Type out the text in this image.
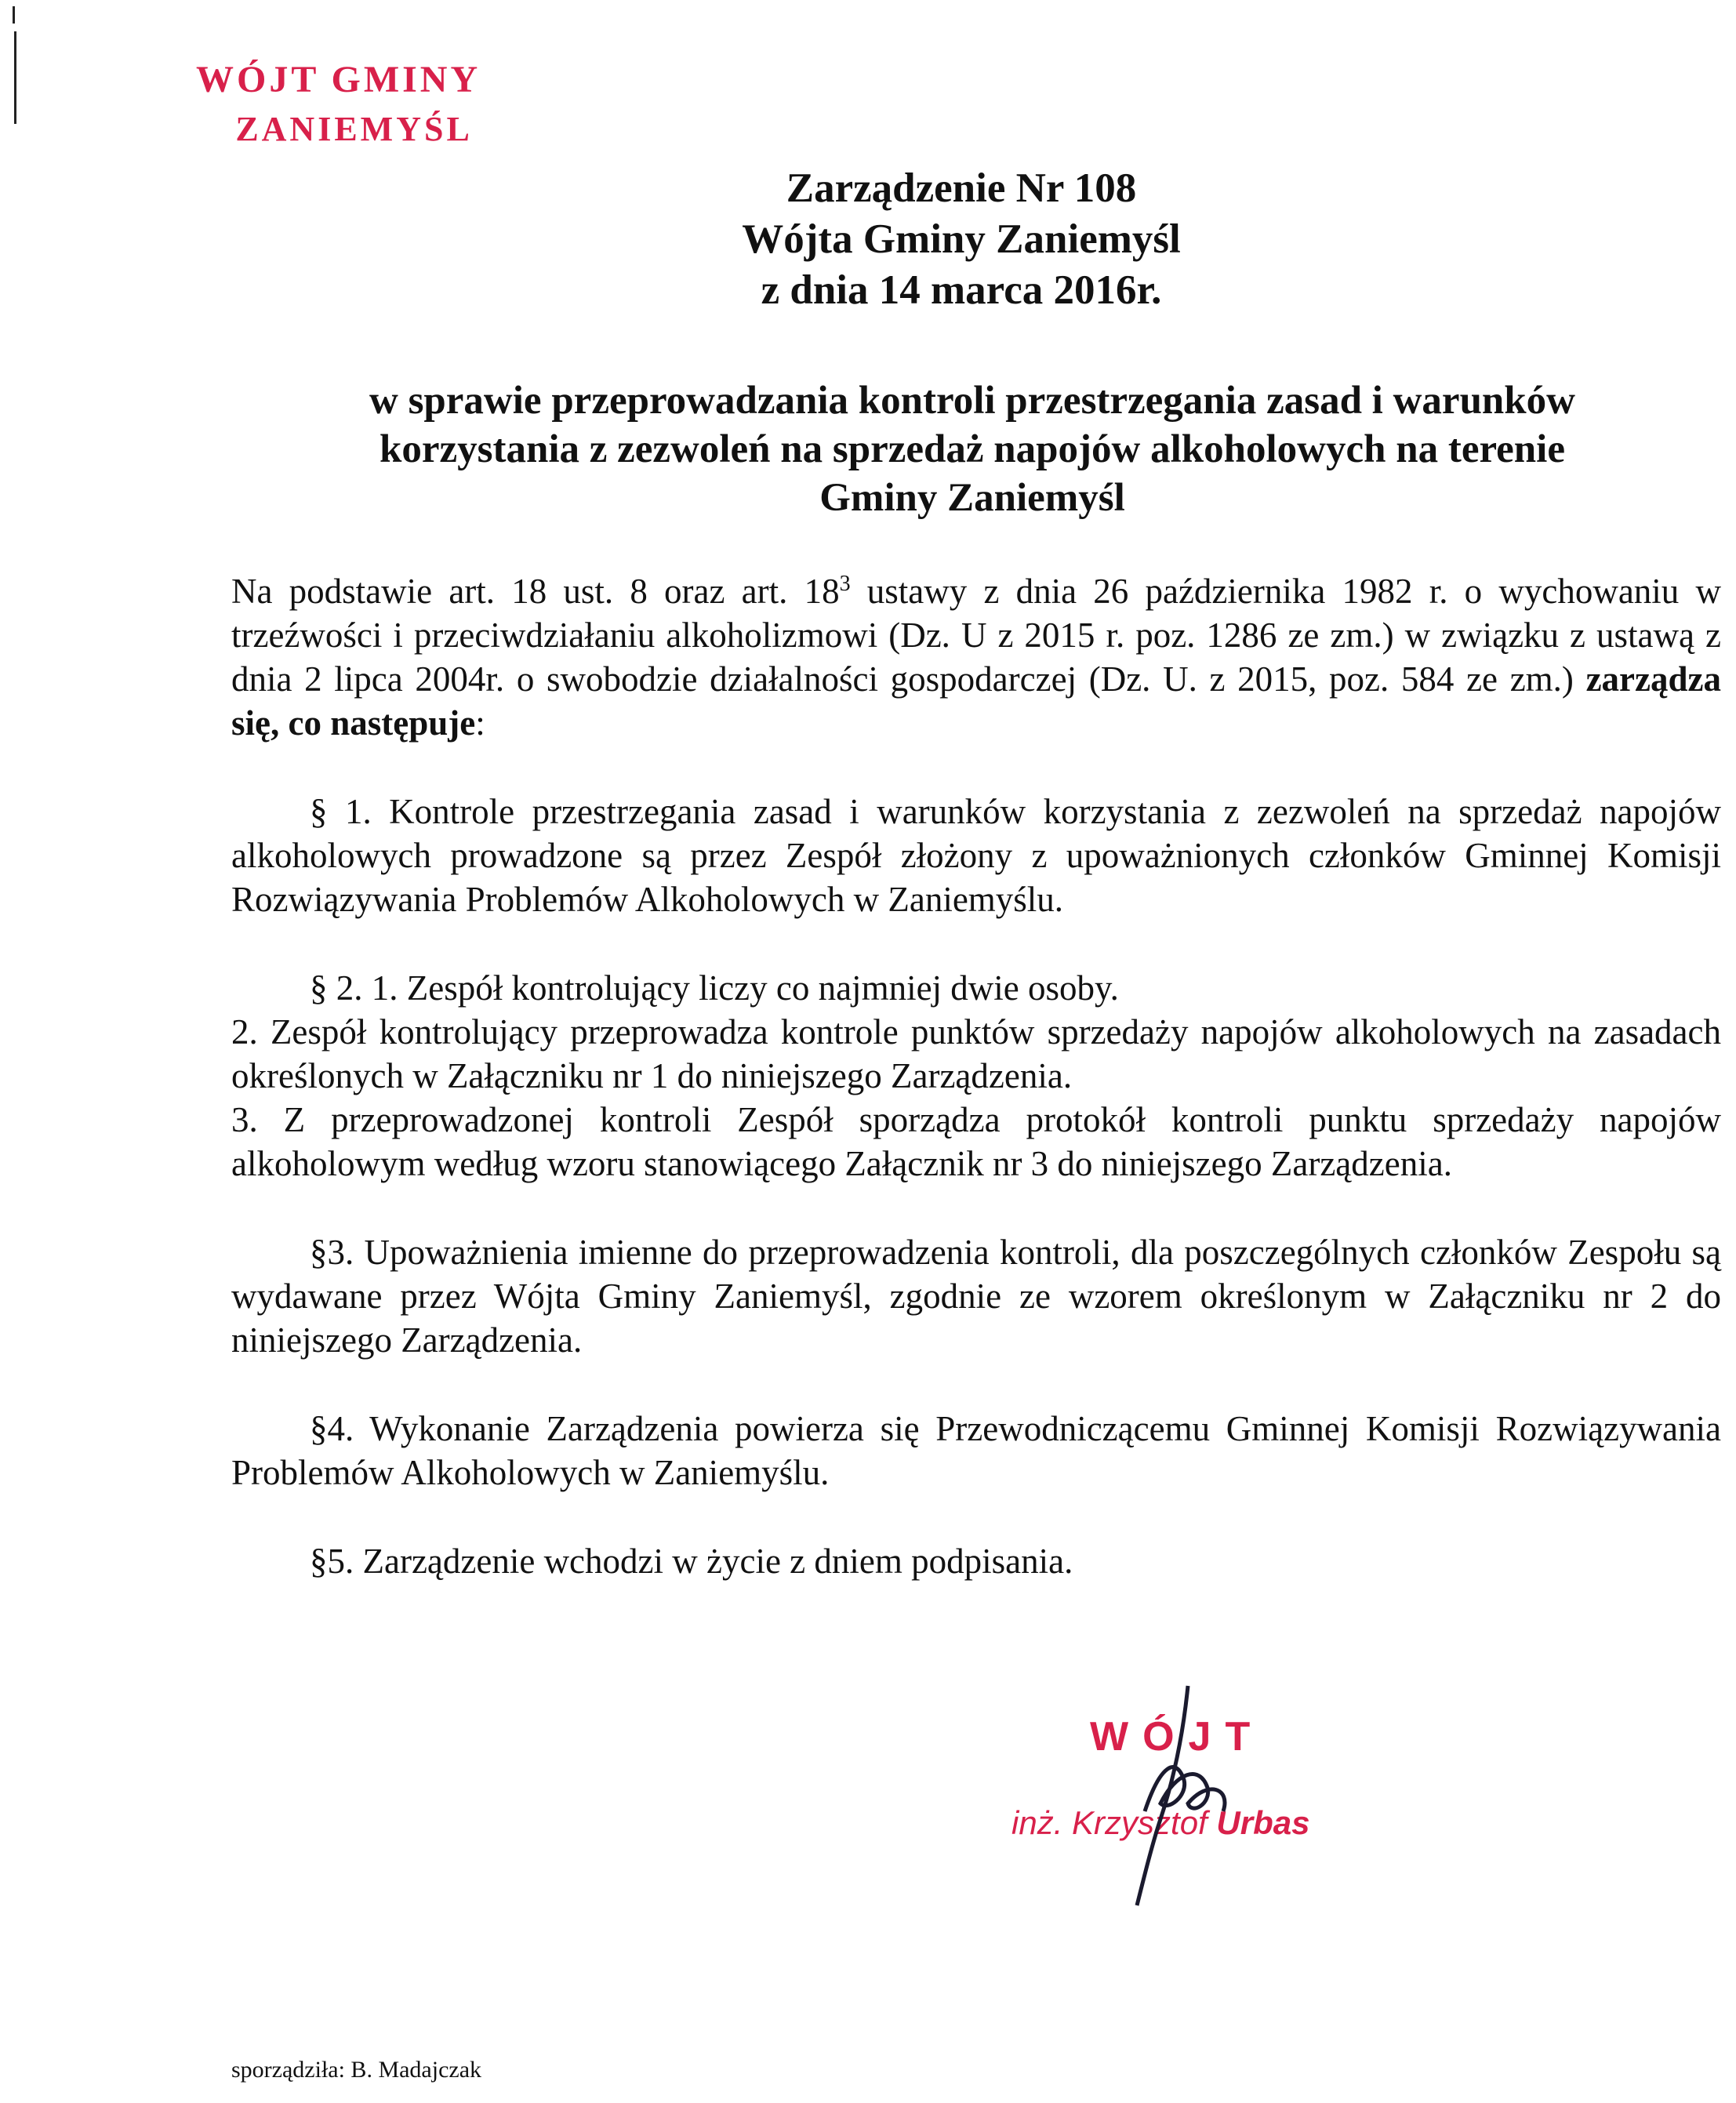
WÓJT GMINY
ZANIEMYŚL
Zarządzenie Nr 108
Wójta Gminy Zaniemyśl
z dnia 14 marca 2016r.
w sprawie przeprowadzania kontroli przestrzegania zasad i warunków
korzystania z zezwoleń na sprzedaż napojów alkoholowych na terenie
Gminy Zaniemyśl

Na podstawie art. 18 ust. 8 oraz art. $18^3$ ustawy z dnia 26 października 1982 r. o wychowaniu w trzeźwości i przeciwdziałaniu alkoholizmowi (Dz. U z 2015 r. poz. 1286 ze zm.) w związku z ustawą z dnia 2 lipca 2004r. o swobodzie działalności gospodarczej (Dz. U. z 2015, poz. 584 ze zm.) zarządza się, co następuje:

§ 1. Kontrole przestrzegania zasad i warunków korzystania z zezwoleń na sprzedaż napojów alkoholowych prowadzone są przez Zespół złożony z upoważnionych członków Gminnej Komisji Rozwiązywania Problemów Alkoholowych w Zaniemyślu.

§ 2. 1. Zespół kontrolujący liczy co najmniej dwie osoby.

2. Zespół kontrolujący przeprowadza kontrole punktów sprzedaży napojów alkoholowych na zasadach określonych w Załączniku nr 1 do niniejszego Zarządzenia.

3. Z przeprowadzonej kontroli Zespół sporządza protokół kontroli punktu sprzedaży napojów alkoholowym według wzoru stanowiącego Załącznik nr 3 do niniejszego Zarządzenia.

§3. Upoważnienia imienne do przeprowadzenia kontroli, dla poszczególnych członków Zespołu są wydawane przez Wójta Gminy Zaniemyśl, zgodnie ze wzorem określonym w Załączniku nr 2 do niniejszego Zarządzenia.

§4. Wykonanie Zarządzenia powierza się Przewodniczącemu Gminnej Komisji Rozwiązywania Problemów Alkoholowych w Zaniemyślu.

§5. Zarządzenie wchodzi w życie z dniem podpisania.

WÓJT
inż. Krzysztof Urbas
sporządziła: B. Madajczak
